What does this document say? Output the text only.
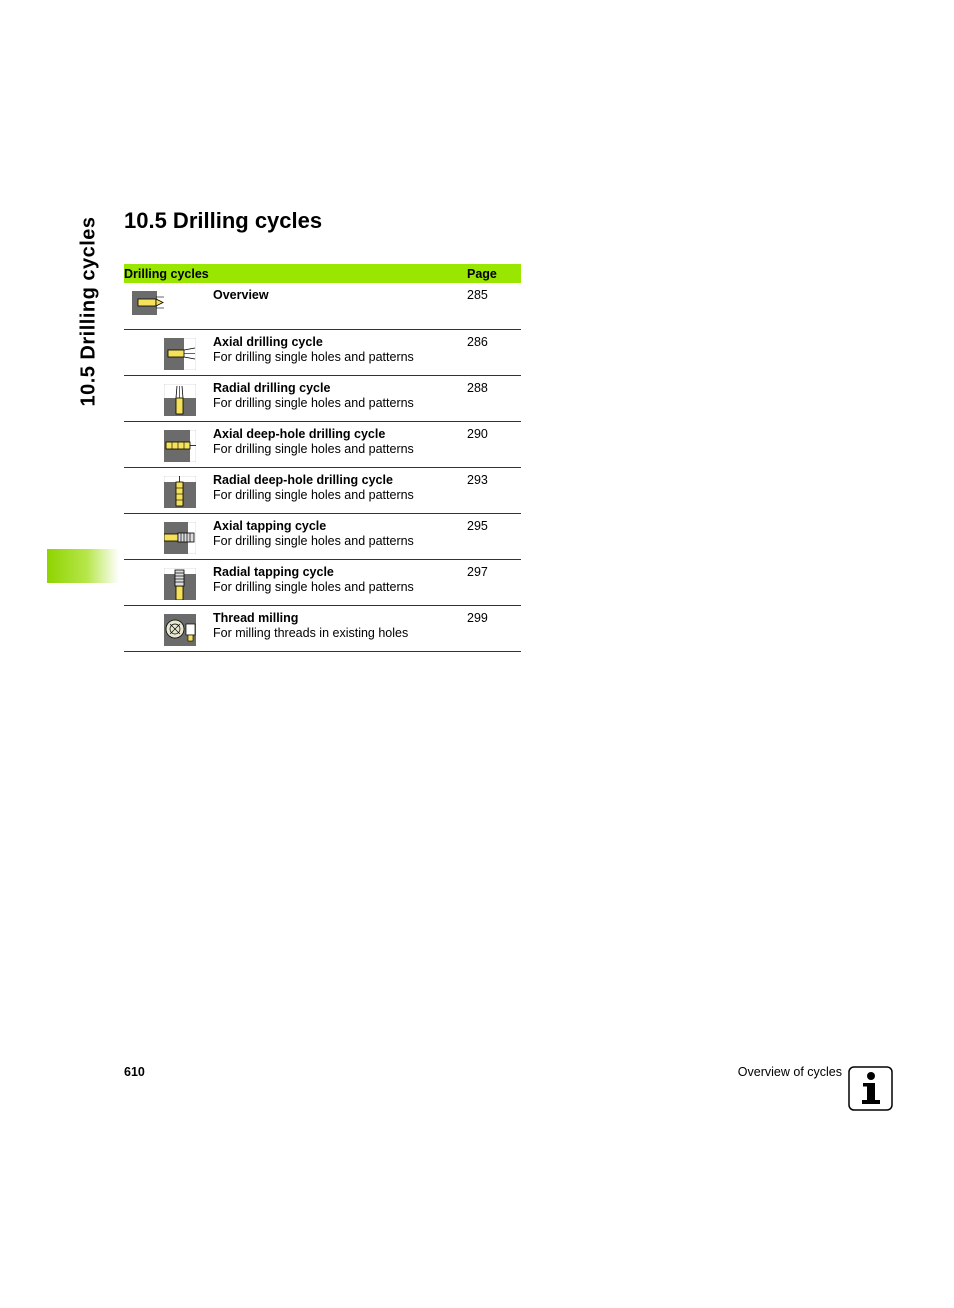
10.5 Drilling cycles 10.5 Drilling cycles
Drilling cycles		Page

Overview	285

Axial drilling cycle
For drilling single holes and patterns	286

Radial drilling cycle
For drilling single holes and patterns	288

Axial deep-hole drilling cycle
For drilling single holes and patterns	290

Radial deep-hole drilling cycle
For drilling single holes and patterns	293

Axial tapping cycle
For drilling single holes and patterns	295

Radial tapping cycle
For drilling single holes and patterns	297

Thread milling
For milling threads in existing holes	299
610	Overview of cycles
